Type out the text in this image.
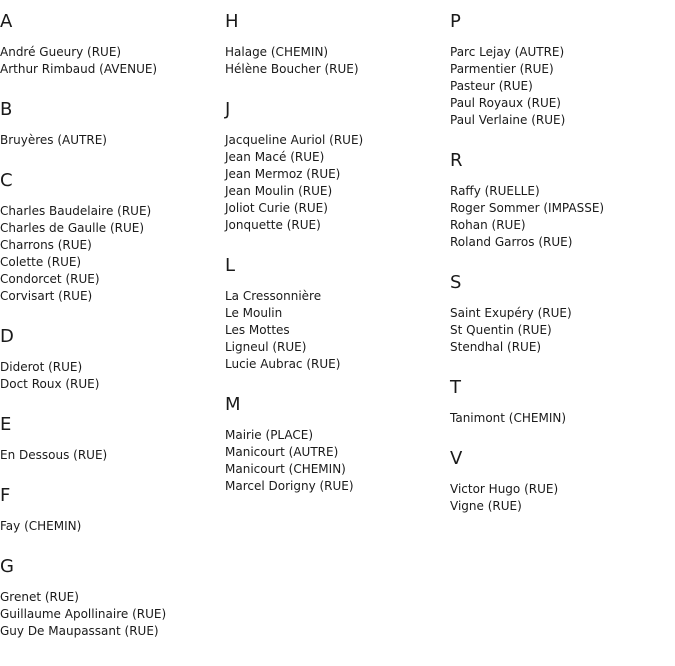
A
André Gueury (RUE)
Arthur Rimbaud (AVENUE)
B
Bruyères (AUTRE)
C
Charles Baudelaire (RUE)
Charles de Gaulle (RUE)
Charrons (RUE)
Colette (RUE)
Condorcet (RUE)
Corvisart (RUE)
D
Diderot (RUE)
Doct Roux (RUE)
E
En Dessous (RUE)
F
Fay (CHEMIN)
G
Grenet (RUE)
Guillaume Apollinaire (RUE)
Guy De Maupassant (RUE)
H
Halage (CHEMIN)
Hélène Boucher (RUE)
J
Jacqueline Auriol (RUE)
Jean Macé (RUE)
Jean Mermoz (RUE)
Jean Moulin (RUE)
Joliot Curie (RUE)
Jonquette (RUE)
L
La Cressonnière
Le Moulin
Les Mottes
Ligneul (RUE)
Lucie Aubrac (RUE)
M
Mairie (PLACE)
Manicourt (AUTRE)
Manicourt (CHEMIN)
Marcel Dorigny (RUE)
P
Parc Lejay (AUTRE)
Parmentier (RUE)
Pasteur (RUE)
Paul Royaux (RUE)
Paul Verlaine (RUE)
R
Raffy (RUELLE)
Roger Sommer (IMPASSE)
Rohan (RUE)
Roland Garros (RUE)
S
Saint Exupéry (RUE)
St Quentin (RUE)
Stendhal (RUE)
T
Tanimont (CHEMIN)
V
Victor Hugo (RUE)
Vigne (RUE)
